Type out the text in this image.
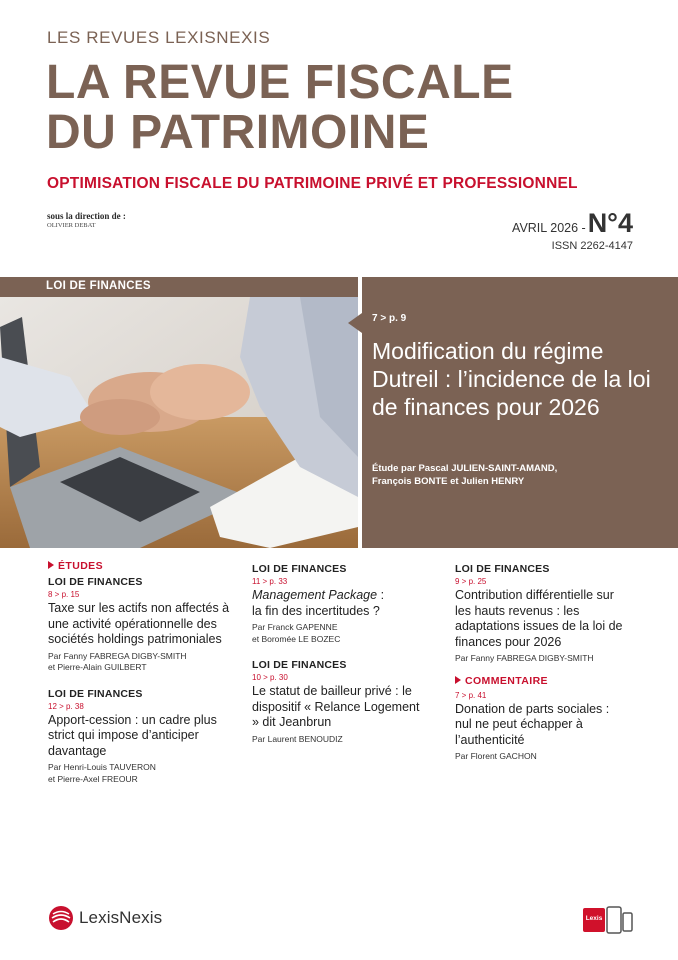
LES REVUES LEXISNEXIS
LA REVUE FISCALE
DU PATRIMOINE
OPTIMISATION FISCALE DU PATRIMOINE PRIVÉ ET PROFESSIONNEL
sous la direction de :
OLIVIER DEBAT	AVRIL 2026 - N°4
ISSN 2262-4147
LOI DE FINANCES
7 > p. 9
Modification du régime Dutreil : l’incidence de la loi de finances pour 2026
Étude par Pascal JULIEN-SAINT-AMAND,
François BONTE et Julien HENRY
ÉTUDES
LOI DE FINANCES
8 > p. 15
Taxe sur les actifs non affectés à une activité opérationnelle des sociétés holdings patrimoniales
Par Fanny FABREGA DIGBY-SMITH
et Pierre-Alain GUILBERT
LOI DE FINANCES
12 > p. 38
Apport-cession : un cadre plus strict qui impose d’anticiper davantage
Par Henri-Louis TAUVERON
et Pierre-Axel FREOUR
LOI DE FINANCES
11 > p. 33
Management Package :
la fin des incertitudes ?
Par Franck GAPENNE
et Boromée LE BOZEC
LOI DE FINANCES
10 > p. 30
Le statut de bailleur privé : le dispositif « Relance Logement » dit Jeanbrun
Par Laurent BENOUDIZ
LOI DE FINANCES
9 > p. 25
Contribution différentielle sur les hauts revenus : les adaptations issues de la loi de finances pour 2026
Par Fanny FABREGA DIGBY-SMITH
COMMENTAIRE
7 > p. 41
Donation de parts sociales : nul ne peut échapper à l’authenticité
Par Florent GACHON
LexisNexis	Lexis
